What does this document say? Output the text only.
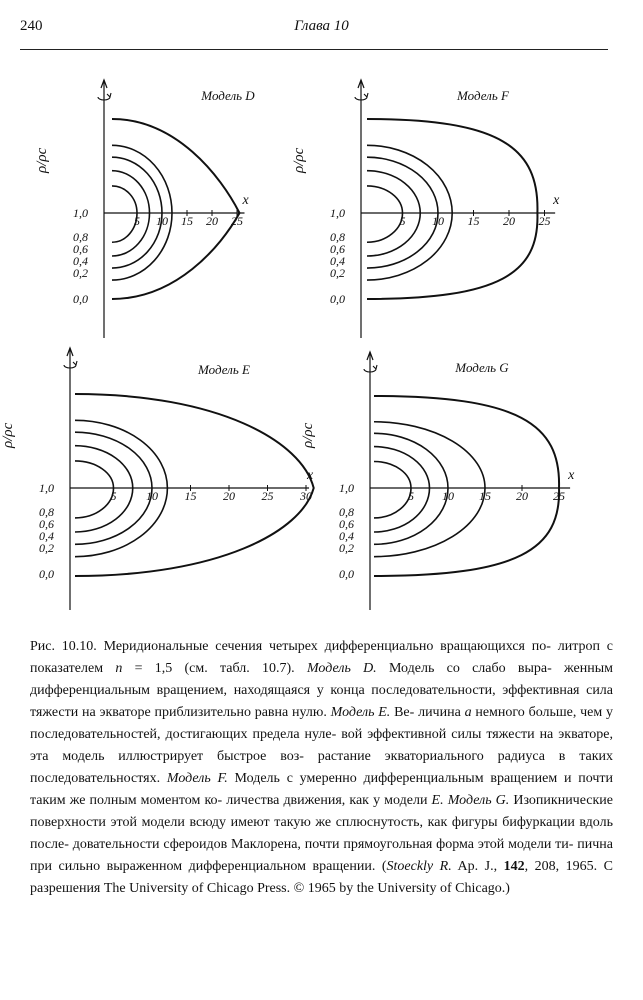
240	Глава 10
Модель D
ρ/ρc
x
5 10 15 20 25
1,0
0,8
0,6
0,4
0,2
0,0
Модель F
ρ/ρc
x
5 10 15 20 25
1,0
0,8
0,6
0,4
0,2
0,0
Модель E
ρ/ρc
x
5 10 15 20 25 30
1,0
0,8
0,6
0,4
0,2
0,0
Модель G
ρ/ρc
x
5 10 15 20 25
1,0
0,8
0,6
0,4
0,2
0,0
Рис. 10.10. Меридиональные сечения четырех дифференциально вращающихся по- литроп с показателем n = 1,5 (см. табл. 10.7). Модель D. Модель со слабо выра- женным дифференциальным вращением, находящаяся у конца последовательности, эффективная сила тяжести на экваторе приблизительно равна нулю. Модель E. Ве- личина a немного больше, чем у последовательностей, достигающих предела нуле- вой эффективной силы тяжести на экваторе, эта модель иллюстрирует быстрое воз- растание экваториального радиуса в таких последовательностях. Модель F. Модель с умеренно дифференциальным вращением и почти таким же полным моментом ко- личества движения, как у модели E. Модель G. Изопикнические поверхности этой модели всюду имеют такую же сплюснутость, как фигуры бифуркации вдоль после- довательности сфероидов Маклорена, почти прямоугольная форма этой модели ти- пична при сильно выраженном дифференциальном вращении. (Stoeckly R. Ap. J., 142, 208, 1965. С разрешения The University of Chicago Press. © 1965 by the University of Chicago.)
